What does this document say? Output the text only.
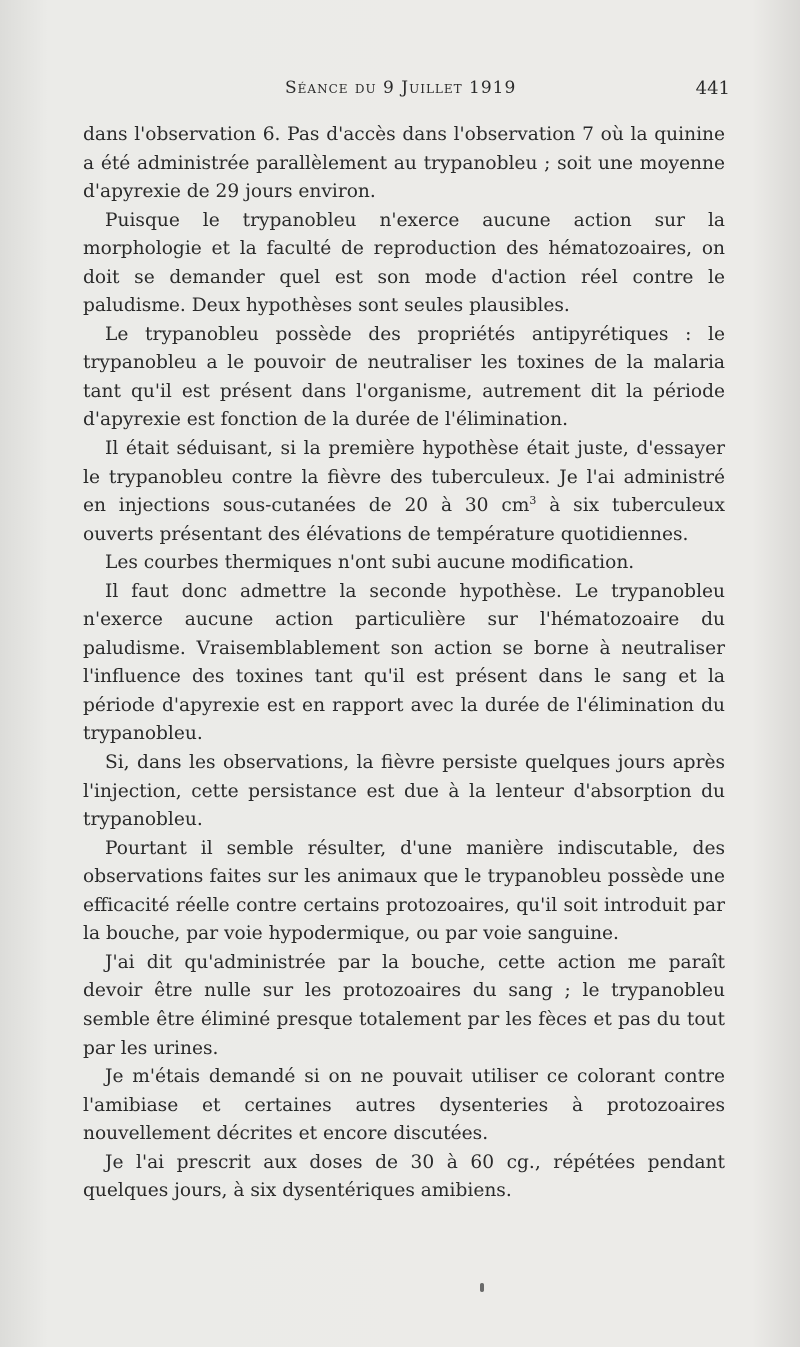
Séance du 9 Juillet 1919	441

dans l'observation 6. Pas d'accès dans l'observation 7 où la quinine a été administrée parallèlement au trypanobleu ; soit une moyenne d'apyrexie de 29 jours environ.

Puisque le trypanobleu n'exerce aucune action sur la morphologie et la faculté de reproduction des hématozoaires, on doit se demander quel est son mode d'action réel contre le paludisme. Deux hypothèses sont seules plausibles.

Le trypanobleu possède des propriétés antipyrétiques : le trypanobleu a le pouvoir de neutraliser les toxines de la malaria tant qu'il est présent dans l'organisme, autrement dit la période d'apyrexie est fonction de la durée de l'élimination.

Il était séduisant, si la première hypothèse était juste, d'essayer le trypanobleu contre la fièvre des tuberculeux. Je l'ai administré en injections sous-cutanées de 20 à 30 $cm^3$ à six tuberculeux ouverts présentant des élévations de température quotidiennes.

Les courbes thermiques n'ont subi aucune modification.

Il faut donc admettre la seconde hypothèse. Le trypanobleu n'exerce aucune action particulière sur l'hématozoaire du paludisme. Vraisemblablement son action se borne à neutraliser l'influence des toxines tant qu'il est présent dans le sang et la période d'apyrexie est en rapport avec la durée de l'élimination du trypanobleu.

Si, dans les observations, la fièvre persiste quelques jours après l'injection, cette persistance est due à la lenteur d'absorption du trypanobleu.

Pourtant il semble résulter, d'une manière indiscutable, des observations faites sur les animaux que le trypanobleu possède une efficacité réelle contre certains protozoaires, qu'il soit introduit par la bouche, par voie hypodermique, ou par voie sanguine.

J'ai dit qu'administrée par la bouche, cette action me paraît devoir être nulle sur les protozoaires du sang ; le trypanobleu semble être éliminé presque totalement par les fèces et pas du tout par les urines.

Je m'étais demandé si on ne pouvait utiliser ce colorant contre l'amibiase et certaines autres dysenteries à protozoaires nouvellement décrites et encore discutées.

Je l'ai prescrit aux doses de 30 à 60 cg., répétées pendant quelques jours, à six dysentériques amibiens.
